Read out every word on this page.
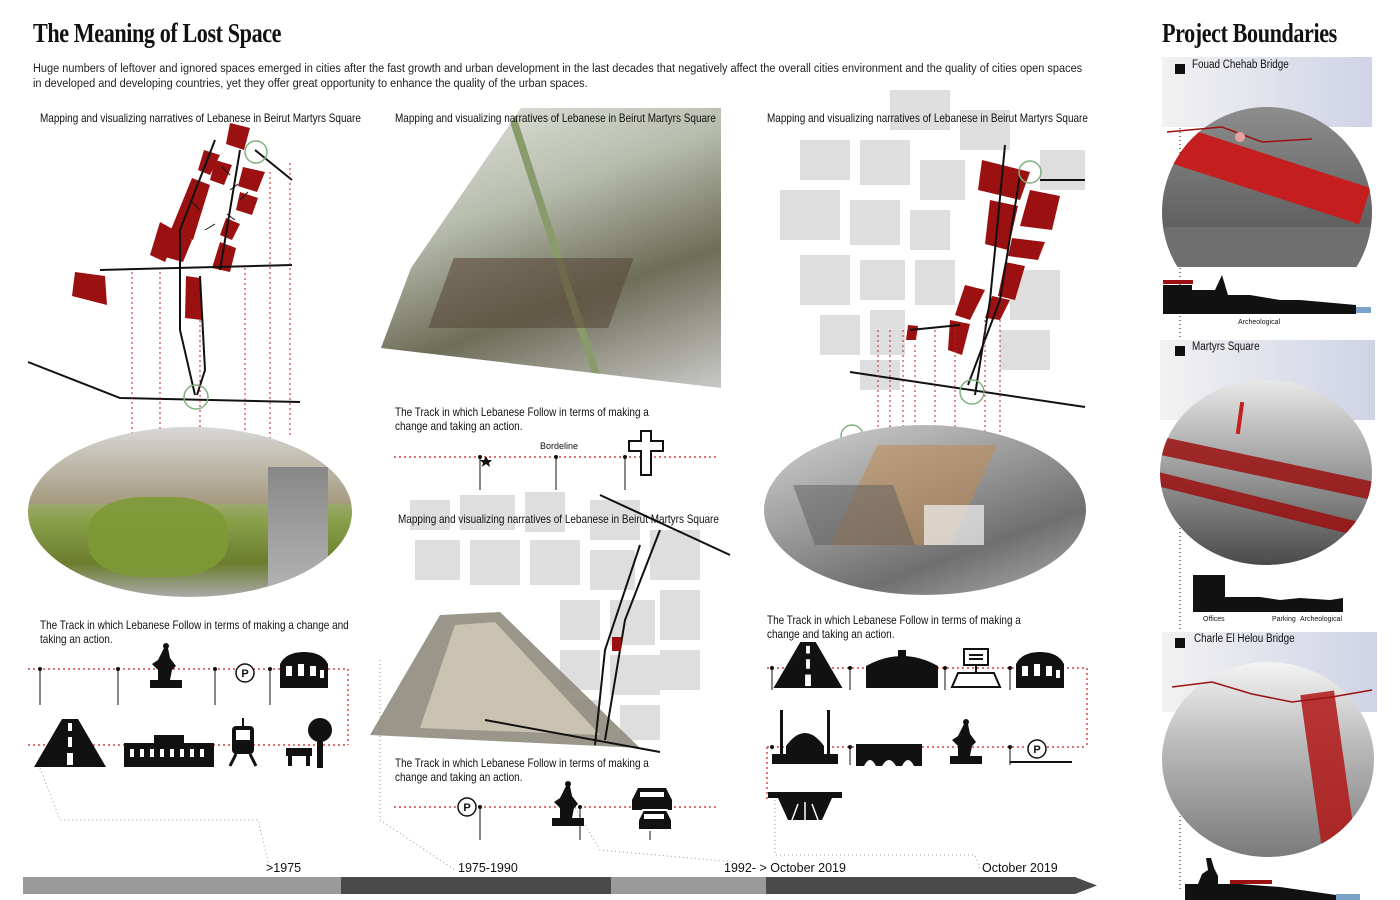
The Meaning of Lost Space
Huge numbers of leftover and ignored spaces emerged in cities after the fast growth and urban development in the last decades that negatively affect the overall cities environment and the quality of cities open spaces in developed and developing countries, yet they offer great opportunity to enhance the quality of the urban spaces.
Mapping and visualizing narratives of Lebanese in Beirut Martyrs Square
The Track in which Lebanese Follow in terms of making a change and taking an action.
P
Mapping and visualizing narratives of Lebanese in Beirut Martyrs Square
The Track in which Lebanese Follow in terms of making a change and taking an action.
Bordeline
Mapping and visualizing narratives of Lebanese in Beirut Martyrs Square
The Track in which Lebanese Follow in terms of making a change and taking an action.
P
Mapping and visualizing narratives of Lebanese in Beirut Martyrs Square
The Track in which Lebanese Follow in terms of making a change and taking an action.
P
>1975	1975-1990	1992- > October 2019	October 2019
Project Boundaries
Fouad Chehab Bridge
Archeological
Martyrs Square
Offices	Parking Archeological
Charle El Helou Bridge
